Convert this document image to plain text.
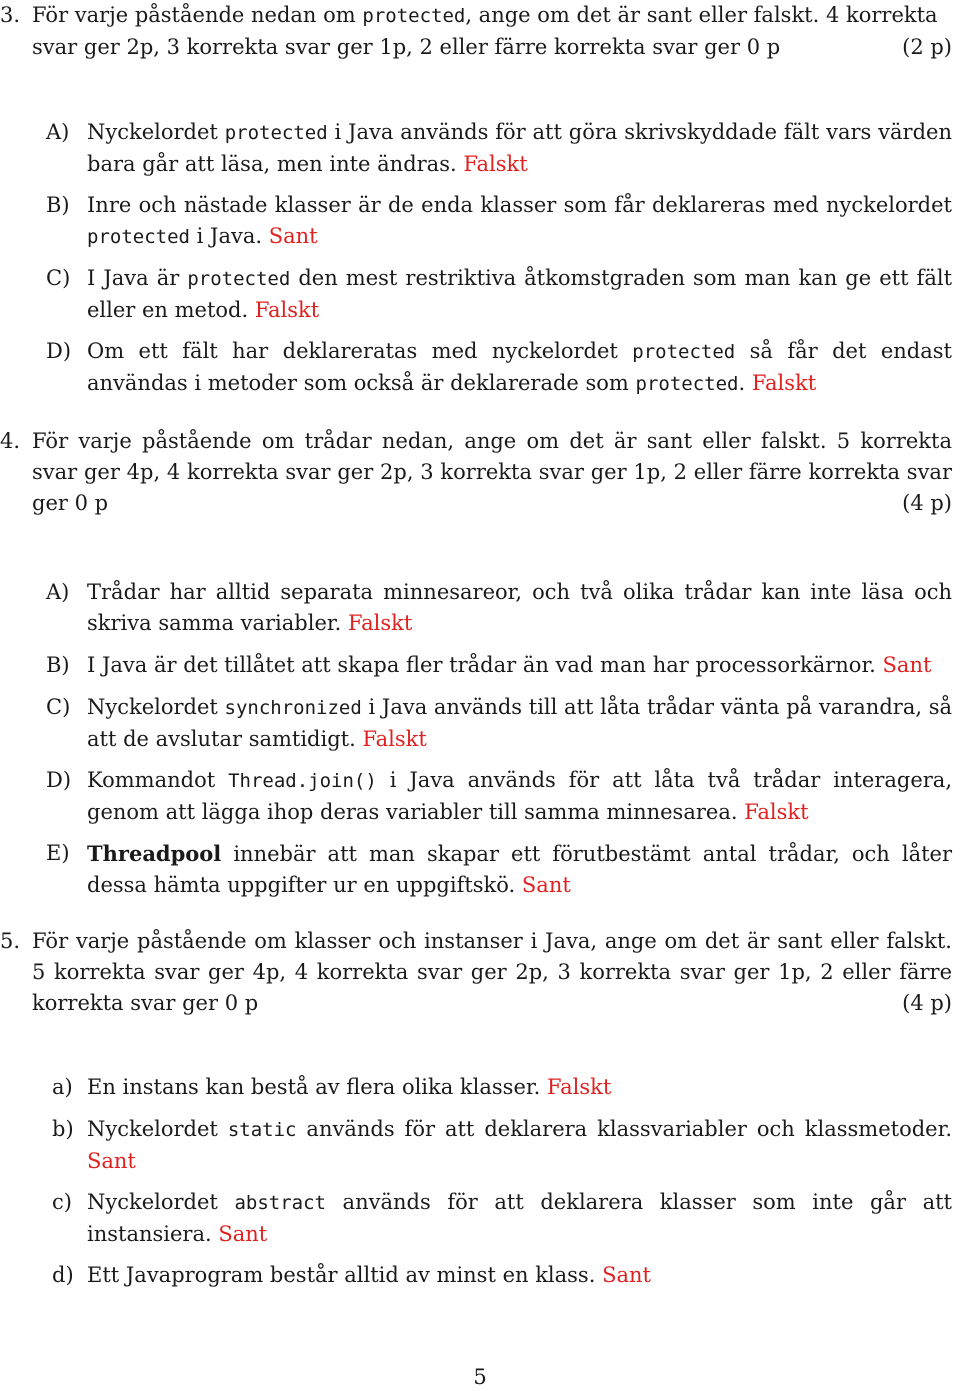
3. För varje påstående nedan om protected, ange om det är sant eller falskt. 4 korrekta
svar ger 2p, 3 korrekta svar ger 1p, 2 eller färre korrekta svar ger 0 p	(2 p)
A) Nyckelordet protected i Java används för att göra skrivskyddade fält vars värden bara går att läsa, men inte ändras. Falskt
B) Inre och nästade klasser är de enda klasser som får deklareras med nyckelordet protected i Java. Sant
C) I Java är protected den mest restriktiva åtkomstgraden som man kan ge ett fält eller en metod. Falskt
D) Om ett fält har deklareratas med nyckelordet protected så får det endast användas i metoder som också är deklarerade som protected. Falskt
4. För varje påstående om trådar nedan, ange om det är sant eller falskt. 5 korrekta
svar ger 4p, 4 korrekta svar ger 2p, 3 korrekta svar ger 1p, 2 eller färre korrekta svar
ger 0 p	(4 p)
A) Trådar har alltid separata minnesareor, och två olika trådar kan inte läsa och skriva samma variabler. Falskt
B) I Java är det tillåtet att skapa fler trådar än vad man har processorkärnor. Sant
C) Nyckelordet synchronized i Java används till att låta trådar vänta på varandra, så att de avslutar samtidigt. Falskt
D) Kommandot Thread.join() i Java används för att låta två trådar interagera, genom att lägga ihop deras variabler till samma minnesarea. Falskt
E) Threadpool innebär att man skapar ett förutbestämt antal trådar, och låter dessa hämta uppgifter ur en uppgiftskö. Sant
5. För varje påstående om klasser och instanser i Java, ange om det är sant eller falskt.
5 korrekta svar ger 4p, 4 korrekta svar ger 2p, 3 korrekta svar ger 1p, 2 eller färre
korrekta svar ger 0 p	(4 p)
a) En instans kan bestå av flera olika klasser. Falskt
b) Nyckelordet static används för att deklarera klassvariabler och klassmetoder. Sant
c) Nyckelordet abstract används för att deklarera klasser som inte går att instansiera. Sant
d) Ett Javaprogram består alltid av minst en klass. Sant
5
